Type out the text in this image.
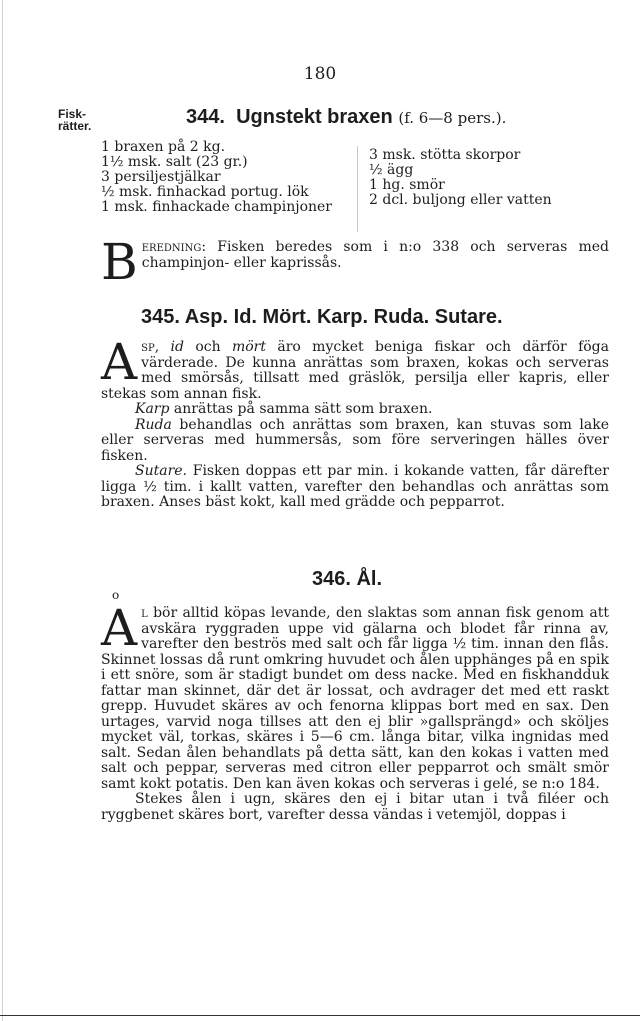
180
Fisk-
rätter.	344. Ugnstekt braxen (f. 6—8 pers.).
1 braxen på 2 kg.
1½ msk. salt (23 gr.)
3 persiljestjälkar
½ msk. finhackad portug. lök
1 msk. finhackade champinjoner
3 msk. stötta skorpor
½ ägg
1 hg. smör
2 dcl. buljong eller vatten

Beredning: Fisken beredes som i n:o 338 och serveras med champinjon- eller kaprissås.

345. Asp. Id. Mört. Karp. Ruda. Sutare.

Asp, id och mört äro mycket beniga fiskar och därför föga värderade. De kunna anrättas som braxen, kokas och serveras med smörsås, tillsatt med gräslök, persilja eller kapris, eller stekas som annan fisk.

Karp anrättas på samma sätt som braxen.

Ruda behandlas och anrättas som braxen, kan stuvas som lake eller serveras med hummersås, som före serveringen hälles över fisken.

Sutare. Fisken doppas ett par min. i kokande vatten, får därefter ligga ½ tim. i kallt vatten, varefter den behandlas och anrättas som braxen. Anses bäst kokt, kall med grädde och pepparrot.

346. Ål.
o

Al bör alltid köpas levande, den slaktas som annan fisk genom att avskära ryggraden uppe vid gälarna och blodet får rinna av, varefter den beströs med salt och får ligga ½ tim. innan den flås. Skinnet lossas då runt omkring huvudet och ålen upphänges på en spik i ett snöre, som är stadigt bundet om dess nacke. Med en fiskhandduk fattar man skinnet, där det är lossat, och avdrager det med ett raskt grepp. Huvudet skäres av och fenorna klippas bort med en sax. Den urtages, varvid noga tillses att den ej blir »gallsprängd» och sköljes mycket väl, torkas, skäres i 5—6 cm. långa bitar, vilka ingnidas med salt. Sedan ålen behandlats på detta sätt, kan den kokas i vatten med salt och peppar, serveras med citron eller pepparrot och smält smör samt kokt potatis. Den kan även kokas och serveras i gelé, se n:o 184.

Stekes ålen i ugn, skäres den ej i bitar utan i två filéer och ryggbenet skäres bort, varefter dessa vändas i vetemjöl, doppas i
